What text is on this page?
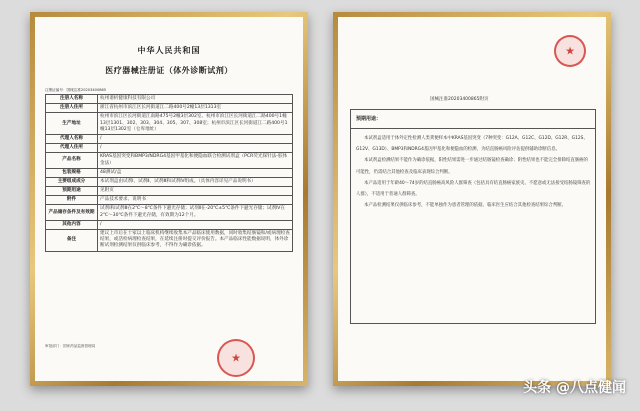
中华人民共和国
医疗器械注册证（体外诊断试剂）
注册证编号：国械注准20203400865
注册人名称	杭州谱析健康科技有限公司
注册人住所	浙江省杭州市滨江区长河街道江二路400号2幢13层1313室
生产地址	杭州市滨江区长河街道江南路475号2幢3层302室、杭州市滨江区长河街道江二路400号1幢13层1301、302、303、304、305、307、308室；杭州市滨江区长河街道江二路400号1幢13层1302室（仓库地址）
代理人名称	/
代理人住所	/
产品名称	KRAS基因突变和BMP3/NDRG4基因甲基化和便隐血联合检测试剂盒（PCR荧光探针法-胶体金法）
包装规格	48测试/盒
主要组成成分	本试剂盒由试剂Ⅰ、试剂Ⅱ、试剂Ⅲ和试剂Ⅳ组成。（具体内容详见产品说明书）
预期用途	见附页
附件	产品技术要求、说明书
产品储存条件及有效期	试剂Ⅰ和试剂Ⅲ在2℃～8℃条件下避光存储；试剂Ⅱ在-20℃±5℃条件下避光存储；试剂Ⅳ在2℃～30℃条件下避光存储，有效期为12个月。
其他内容	/
备注	建议上市后在十家以上临床机构继续收集本产品临床使用数据，同时收集结肠镜和/或病理检查结果，或活检病理检查结果，在延续注册时提交评价报告。本产品临床性能数据说明，体外诊断试剂检测结果仅供临床参考，不得作为确诊依据。
审批部门：国家药品监督管理局
★
★
国械注准20203400865附页
预期用途：

本试剂盒适用于体外定性检测人类粪便样本中KRAS基因突变（7种突变：G12A、G12C、G12D、G12R、G12S、G12V、G13D）、BMP3和NDRG4基因甲基化和便隐血的检测，为结直肠癌风险评估提供辅助诊断信息。

本试剂盒检测结果不能作为确诊依据，阳性结果需进一步通过结肠镜检查确诊；阴性结果也不能完全排除结直肠癌的可能性，仍需结合其他检查及临床表现综合判断。

本产品适用于年龄40～74岁的结直肠癌高风险人群筛查（包括具有结直肠癌家族史、不愿意或无法接受结肠镜筛查的人群），不适用于普通人群筛查。

本产品检测结果仅供临床参考，不能单独作为患者管理的依据，临床医生应结合其他检查结果综合判断。

头条 @八点健闻
